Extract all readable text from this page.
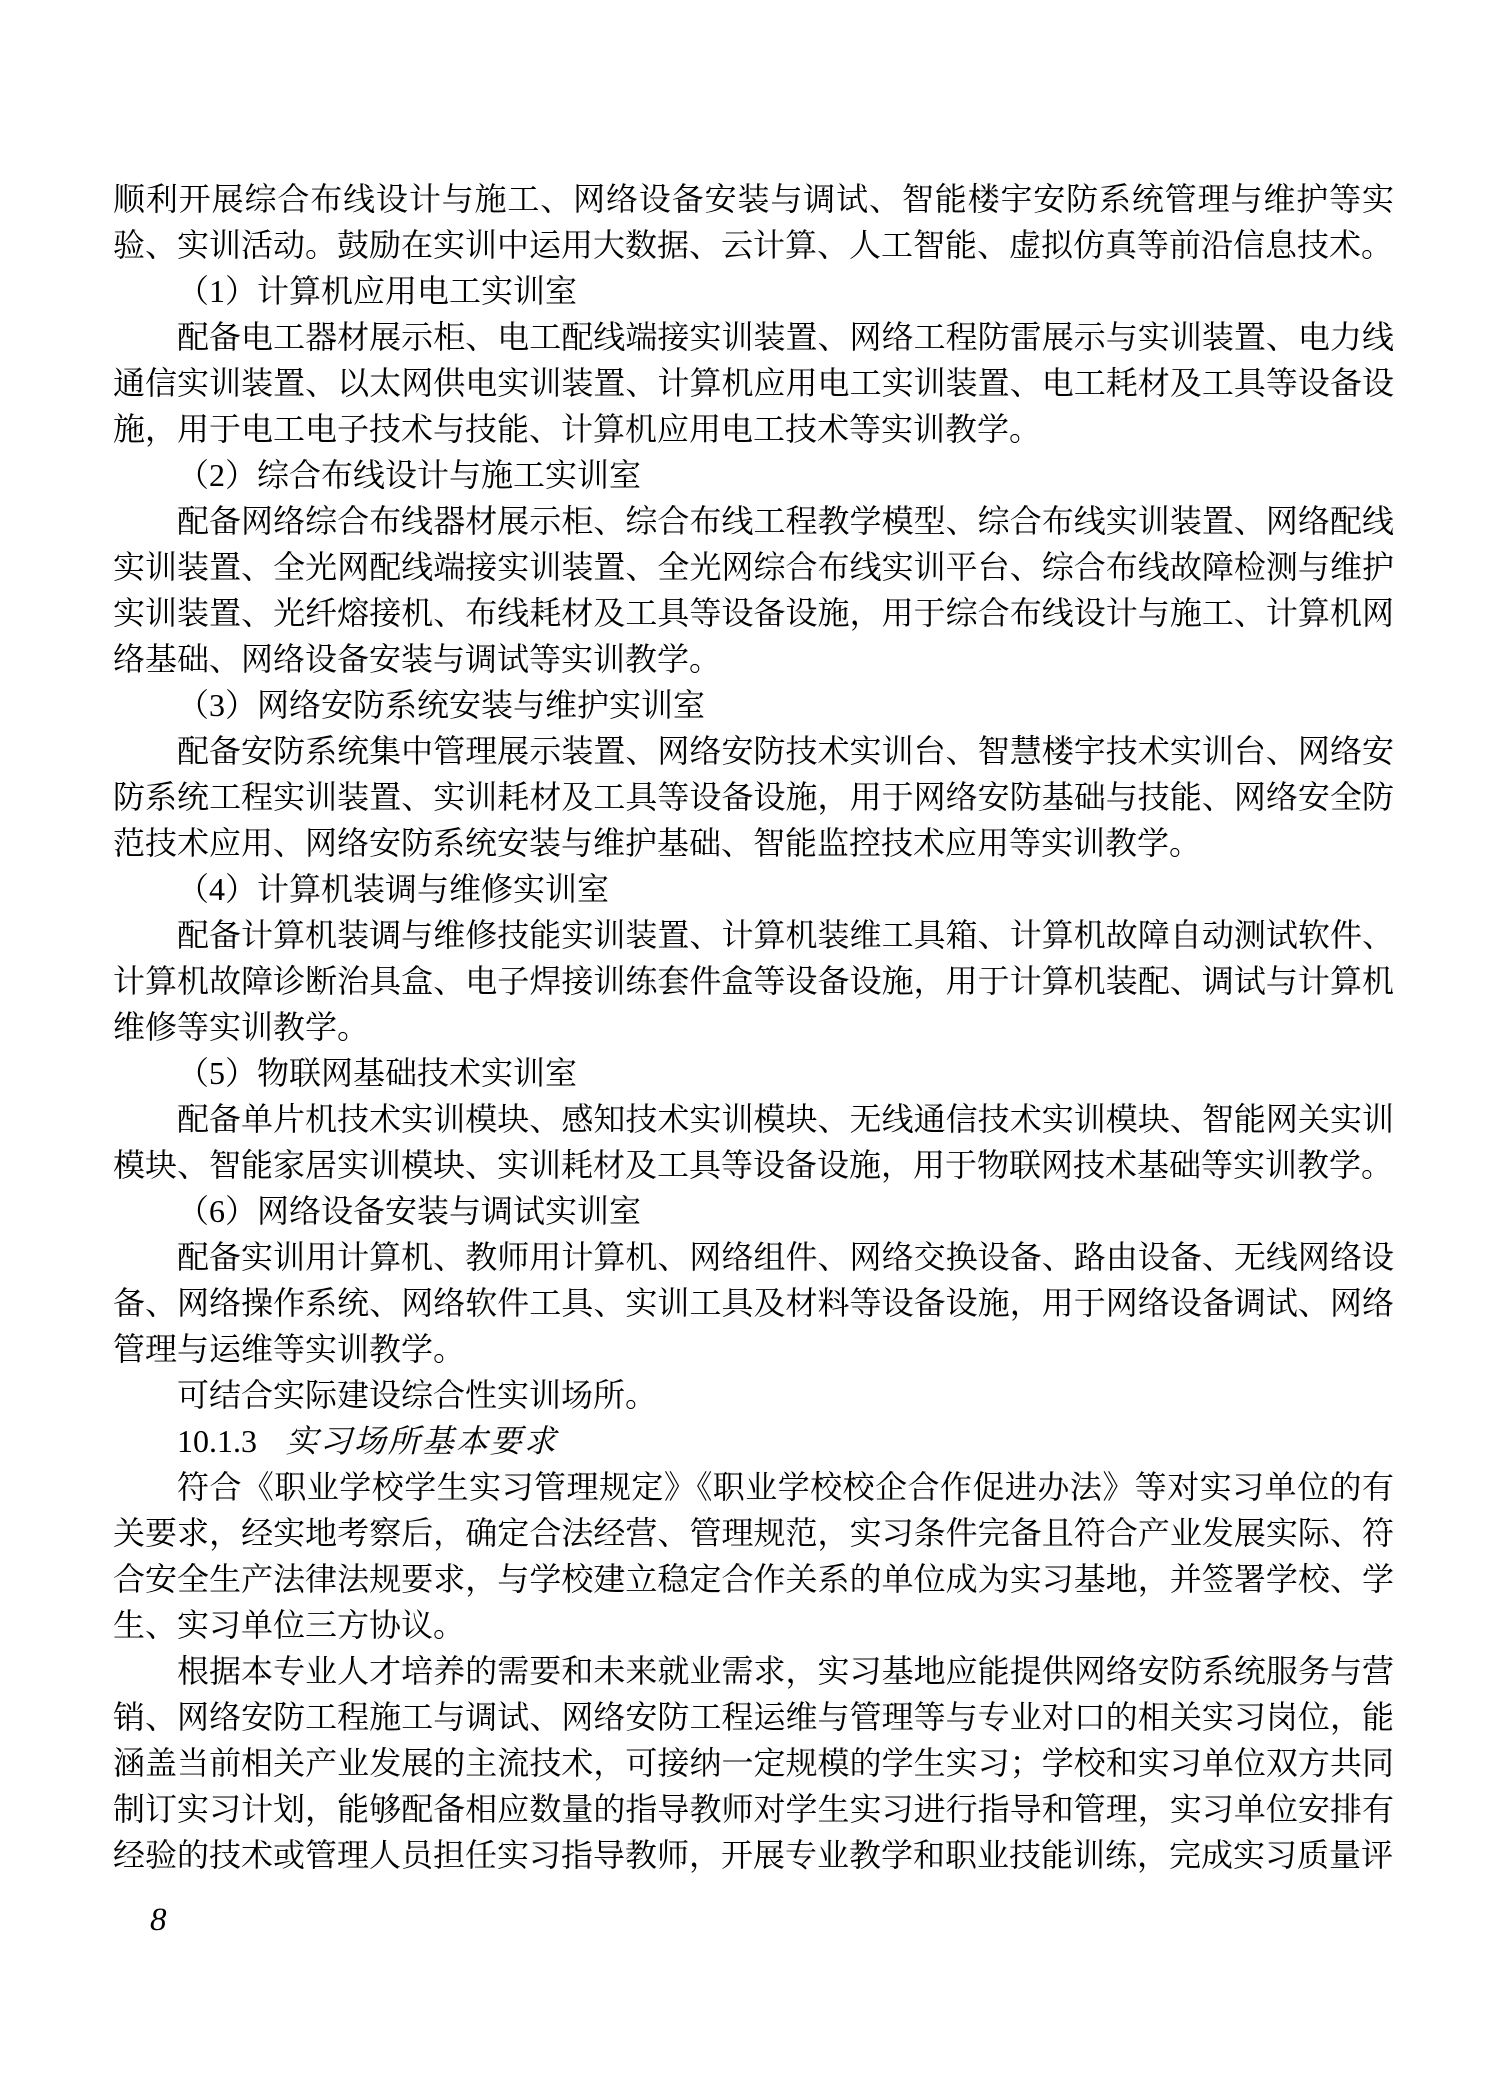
顺利开展综合布线设计与施工、网络设备安装与调试、智能楼宇安防系统管理与维护等实验、实训活动。鼓励在实训中运用大数据、云计算、人工智能、虚拟仿真等前沿信息技术。

（1）计算机应用电工实训室

配备电工器材展示柜、电工配线端接实训装置、网络工程防雷展示与实训装置、电力线通信实训装置、以太网供电实训装置、计算机应用电工实训装置、电工耗材及工具等设备设施，用于电工电子技术与技能、计算机应用电工技术等实训教学。

（2）综合布线设计与施工实训室

配备网络综合布线器材展示柜、综合布线工程教学模型、综合布线实训装置、网络配线实训装置、全光网配线端接实训装置、全光网综合布线实训平台、综合布线故障检测与维护实训装置、光纤熔接机、布线耗材及工具等设备设施，用于综合布线设计与施工、计算机网络基础、网络设备安装与调试等实训教学。

（3）网络安防系统安装与维护实训室

配备安防系统集中管理展示装置、网络安防技术实训台、智慧楼宇技术实训台、网络安防系统工程实训装置、实训耗材及工具等设备设施，用于网络安防基础与技能、网络安全防范技术应用、网络安防系统安装与维护基础、智能监控技术应用等实训教学。

（4）计算机装调与维修实训室

配备计算机装调与维修技能实训装置、计算机装维工具箱、计算机故障自动测试软件、计算机故障诊断治具盒、电子焊接训练套件盒等设备设施，用于计算机装配、调试与计算机维修等实训教学。

（5）物联网基础技术实训室

配备单片机技术实训模块、感知技术实训模块、无线通信技术实训模块、智能网关实训模块、智能家居实训模块、实训耗材及工具等设备设施，用于物联网技术基础等实训教学。

（6）网络设备安装与调试实训室

配备实训用计算机、教师用计算机、网络组件、网络交换设备、路由设备、无线网络设备、网络操作系统、网络软件工具、实训工具及材料等设备设施，用于网络设备调试、网络管理与运维等实训教学。

可结合实际建设综合性实训场所。

10.1.3 实习场所基本要求

符合《职业学校学生实习管理规定》《职业学校校企合作促进办法》等对实习单位的有关要求，经实地考察后，确定合法经营、管理规范，实习条件完备且符合产业发展实际、符合安全生产法律法规要求，与学校建立稳定合作关系的单位成为实习基地，并签署学校、学生、实习单位三方协议。

根据本专业人才培养的需要和未来就业需求，实习基地应能提供网络安防系统服务与营销、网络安防工程施工与调试、网络安防工程运维与管理等与专业对口的相关实习岗位，能涵盖当前相关产业发展的主流技术，可接纳一定规模的学生实习；学校和实习单位双方共同制订实习计划，能够配备相应数量的指导教师对学生实习进行指导和管理，实习单位安排有经验的技术或管理人员担任实习指导教师，开展专业教学和职业技能训练，完成实习质量评

8
